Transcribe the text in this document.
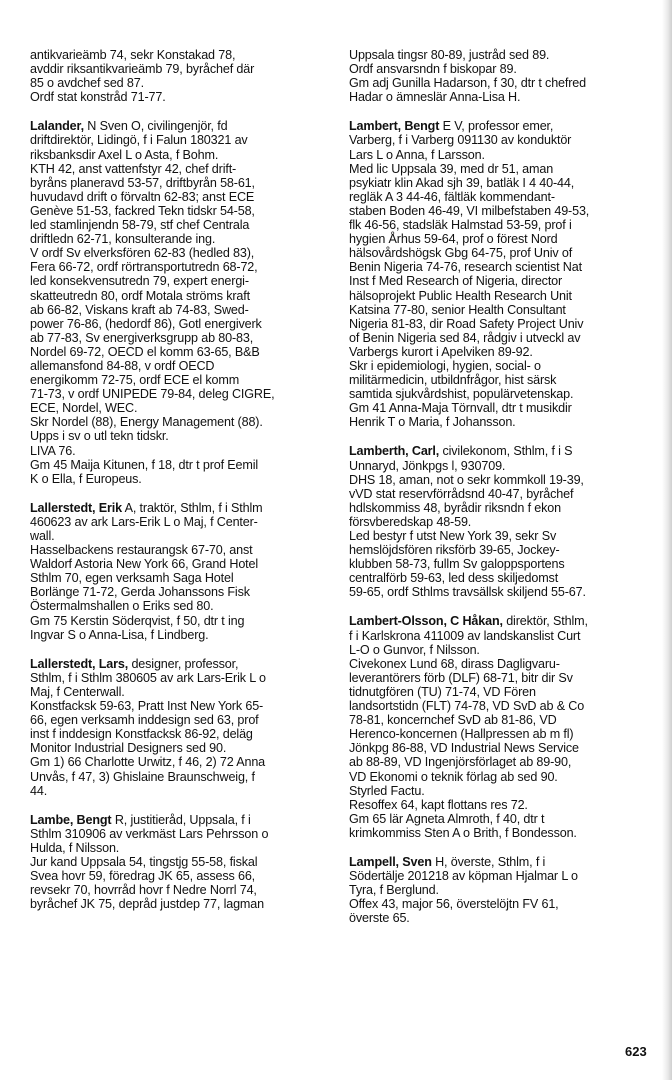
antikvarieämb 74, sekr Konstakad 78,
avddir riksantikvarieämb 79, byråchef där
85 o avdchef sed 87.
Ordf stat konstråd 71-77.
Lalander, N Sven O, civilingenjör, fd
driftdirektör, Lidingö, f i Falun 180321 av
riksbanksdir Axel L o Asta, f Bohm.
KTH 42, anst vattenfstyr 42, chef drift-
byråns planeravd 53-57, driftbyrån 58-61,
huvudavd drift o förvaltn 62-83; anst ECE
Genève 51-53, fackred Tekn tidskr 54-58,
led stamlinjendn 58-79, stf chef Centrala
driftledn 62-71, konsulterande ing.
V ordf Sv elverksfören 62-83 (hedled 83),
Fera 66-72, ordf rörtransportutredn 68-72,
led konsekvensutredn 79, expert energi-
skatteutredn 80, ordf Motala ströms kraft
ab 66-82, Viskans kraft ab 74-83, Swed-
power 76-86, (hedordf 86), Gotl energiverk
ab 77-83, Sv energiverksgrupp ab 80-83,
Nordel 69-72, OECD el komm 63-65, B&B
allemansfond 84-88, v ordf OECD
energikomm 72-75, ordf ECE el komm
71-73, v ordf UNIPEDE 79-84, deleg CIGRE,
ECE, Nordel, WEC.
Skr Nordel (88), Energy Management (88).
Upps i sv o utl tekn tidskr.
LIVA 76.
Gm 45 Maija Kitunen, f 18, dtr t prof Eemil
K o Ella, f Europeus.
Lallerstedt, Erik A, traktör, Sthlm, f i Sthlm
460623 av ark Lars-Erik L o Maj, f Center-
wall.
Hasselbackens restaurangsk 67-70, anst
Waldorf Astoria New York 66, Grand Hotel
Sthlm 70, egen verksamh Saga Hotel
Borlänge 71-72, Gerda Johanssons Fisk
Östermalmshallen o Eriks sed 80.
Gm 75 Kerstin Söderqvist, f 50, dtr t ing
Ingvar S o Anna-Lisa, f Lindberg.
Lallerstedt, Lars, designer, professor,
Sthlm, f i Sthlm 380605 av ark Lars-Erik L o
Maj, f Centerwall.
Konstfacksk 59-63, Pratt Inst New York 65-
66, egen verksamh inddesign sed 63, prof
inst f inddesign Konstfacksk 86-92, deläg
Monitor Industrial Designers sed 90.
Gm 1) 66 Charlotte Urwitz, f 46, 2) 72 Anna
Unvås, f 47, 3) Ghislaine Braunschweig, f
44.
Lambe, Bengt R, justitieråd, Uppsala, f i
Sthlm 310906 av verkmäst Lars Pehrsson o
Hulda, f Nilsson.
Jur kand Uppsala 54, tingstjg 55-58, fiskal
Svea hovr 59, föredrag JK 65, assess 66,
revsekr 70, hovrråd hovr f Nedre Norrl 74,
byråchef JK 75, depråd justdep 77, lagman
Uppsala tingsr 80-89, justråd sed 89.
Ordf ansvarsndn f biskopar 89.
Gm adj Gunilla Hadarson, f 30, dtr t chefred
Hadar o ämneslär Anna-Lisa H.
Lambert, Bengt E V, professor emer,
Varberg, f i Varberg 091130 av konduktör
Lars L o Anna, f Larsson.
Med lic Uppsala 39, med dr 51, aman
psykiatr klin Akad sjh 39, batläk I 4 40-44,
regläk A 3 44-46, fältläk kommendant-
staben Boden 46-49, VI milbefstaben 49-53,
flk 46-56, stadsläk Halmstad 53-59, prof i
hygien Århus 59-64, prof o förest Nord
hälsovårdshögsk Gbg 64-75, prof Univ of
Benin Nigeria 74-76, research scientist Nat
Inst f Med Research of Nigeria, director
hälsoprojekt Public Health Research Unit
Katsina 77-80, senior Health Consultant
Nigeria 81-83, dir Road Safety Project Univ
of Benin Nigeria sed 84, rådgiv i utveckl av
Varbergs kurort i Apelviken 89-92.
Skr i epidemiologi, hygien, social- o
militärmedicin, utbildnfrågor, hist särsk
samtida sjukvårdshist, populärvetenskap.
Gm 41 Anna-Maja Törnvall, dtr t musikdir
Henrik T o Maria, f Johansson.
Lamberth, Carl, civilekonom, Sthlm, f i S
Unnaryd, Jönkpgs l, 930709.
DHS 18, aman, not o sekr kommkoll 19-39,
vVD stat reservförrådsnd 40-47, byråchef
hdlskommiss 48, byrådir riksndn f ekon
försvberedskap 48-59.
Led bestyr f utst New York 39, sekr Sv
hemslöjdsfören riksförb 39-65, Jockey-
klubben 58-73, fullm Sv galoppsportens
centralförb 59-63, led dess skiljedomst
59-65, ordf Sthlms travsällsk skiljend 55-67.
Lambert-Olsson, C Håkan, direktör, Sthlm,
f i Karlskrona 411009 av landskanslist Curt
L-O o Gunvor, f Nilsson.
Civekonex Lund 68, dirass Dagligvaru-
leverantörers förb (DLF) 68-71, bitr dir Sv
tidnutgfören (TU) 71-74, VD Fören
landsortstidn (FLT) 74-78, VD SvD ab & Co
78-81, koncernchef SvD ab 81-86, VD
Herenco-koncernen (Hallpressen ab m fl)
Jönkpg 86-88, VD Industrial News Service
ab 88-89, VD Ingenjörsförlaget ab 89-90,
VD Ekonomi o teknik förlag ab sed 90.
Styrled Factu.
Resoffex 64, kapt flottans res 72.
Gm 65 lär Agneta Almroth, f 40, dtr t
krimkommiss Sten A o Brith, f Bondesson.
Lampell, Sven H, överste, Sthlm, f i
Södertälje 201218 av köpman Hjalmar L o
Tyra, f Berglund.
Offex 43, major 56, överstelöjtn FV 61,
överste 65.
623
